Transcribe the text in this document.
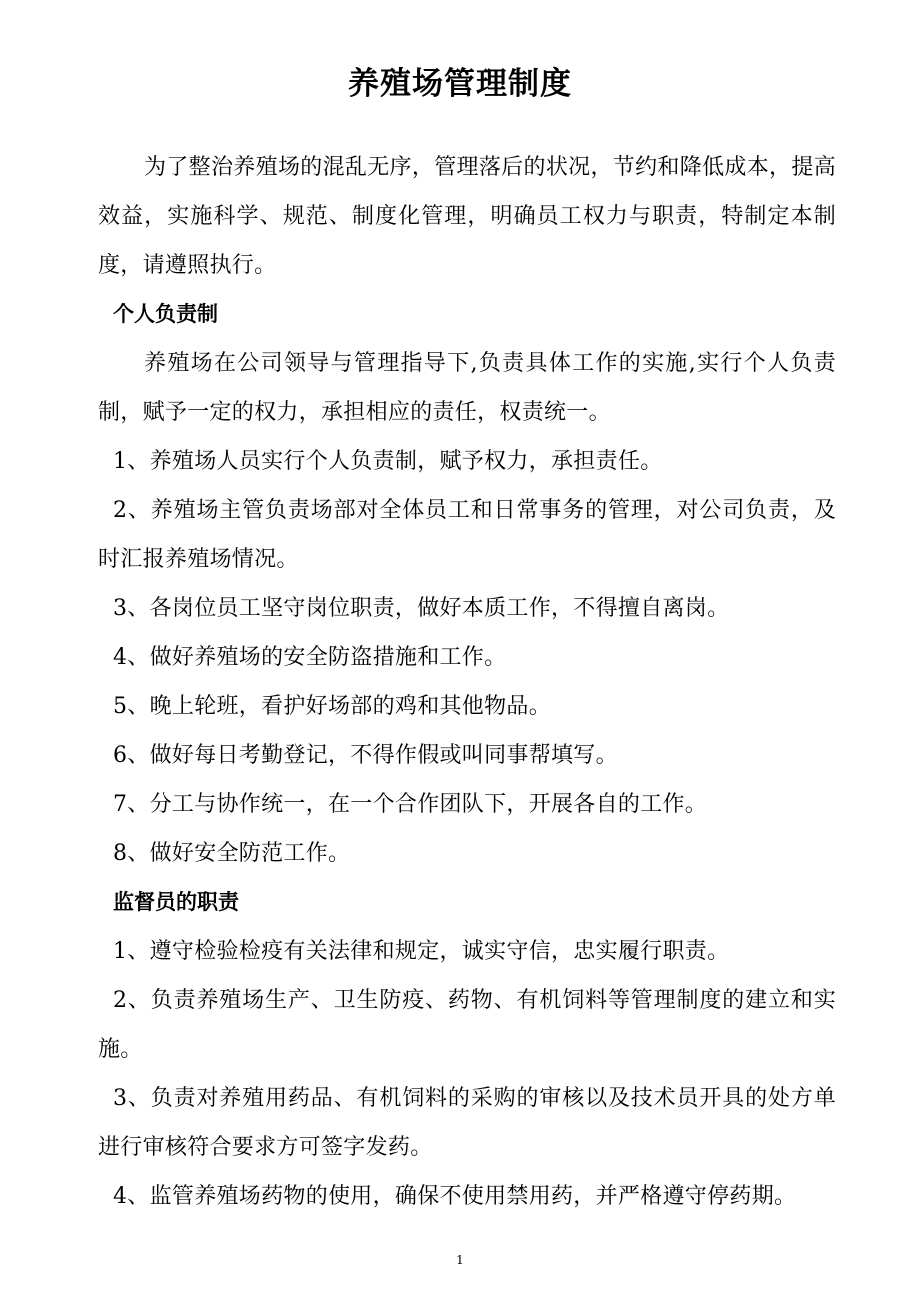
养殖场管理制度

为了整治养殖场的混乱无序，管理落后的状况，节约和降低成本，提高效益，实施科学、规范、制度化管理，明确员工权力与职责，特制定本制度，请遵照执行。

个人负责制

养殖场在公司领导与管理指导下,负责具体工作的实施,实行个人负责制，赋予一定的权力，承担相应的责任，权责统一。

1、养殖场人员实行个人负责制，赋予权力，承担责任。

2、养殖场主管负责场部对全体员工和日常事务的管理，对公司负责，及时汇报养殖场情况。

3、各岗位员工坚守岗位职责，做好本质工作，不得擅自离岗。

4、做好养殖场的安全防盗措施和工作。

5、晚上轮班，看护好场部的鸡和其他物品。

6、做好每日考勤登记，不得作假或叫同事帮填写。

7、分工与协作统一，在一个合作团队下，开展各自的工作。

8、做好安全防范工作。

监督员的职责

1、遵守检验检疫有关法律和规定，诚实守信，忠实履行职责。

2、负责养殖场生产、卫生防疫、药物、有机饲料等管理制度的建立和实施。

3、负责对养殖用药品、有机饲料的采购的审核以及技术员开具的处方单进行审核符合要求方可签字发药。

4、监管养殖场药物的使用，确保不使用禁用药，并严格遵守停药期。

1
